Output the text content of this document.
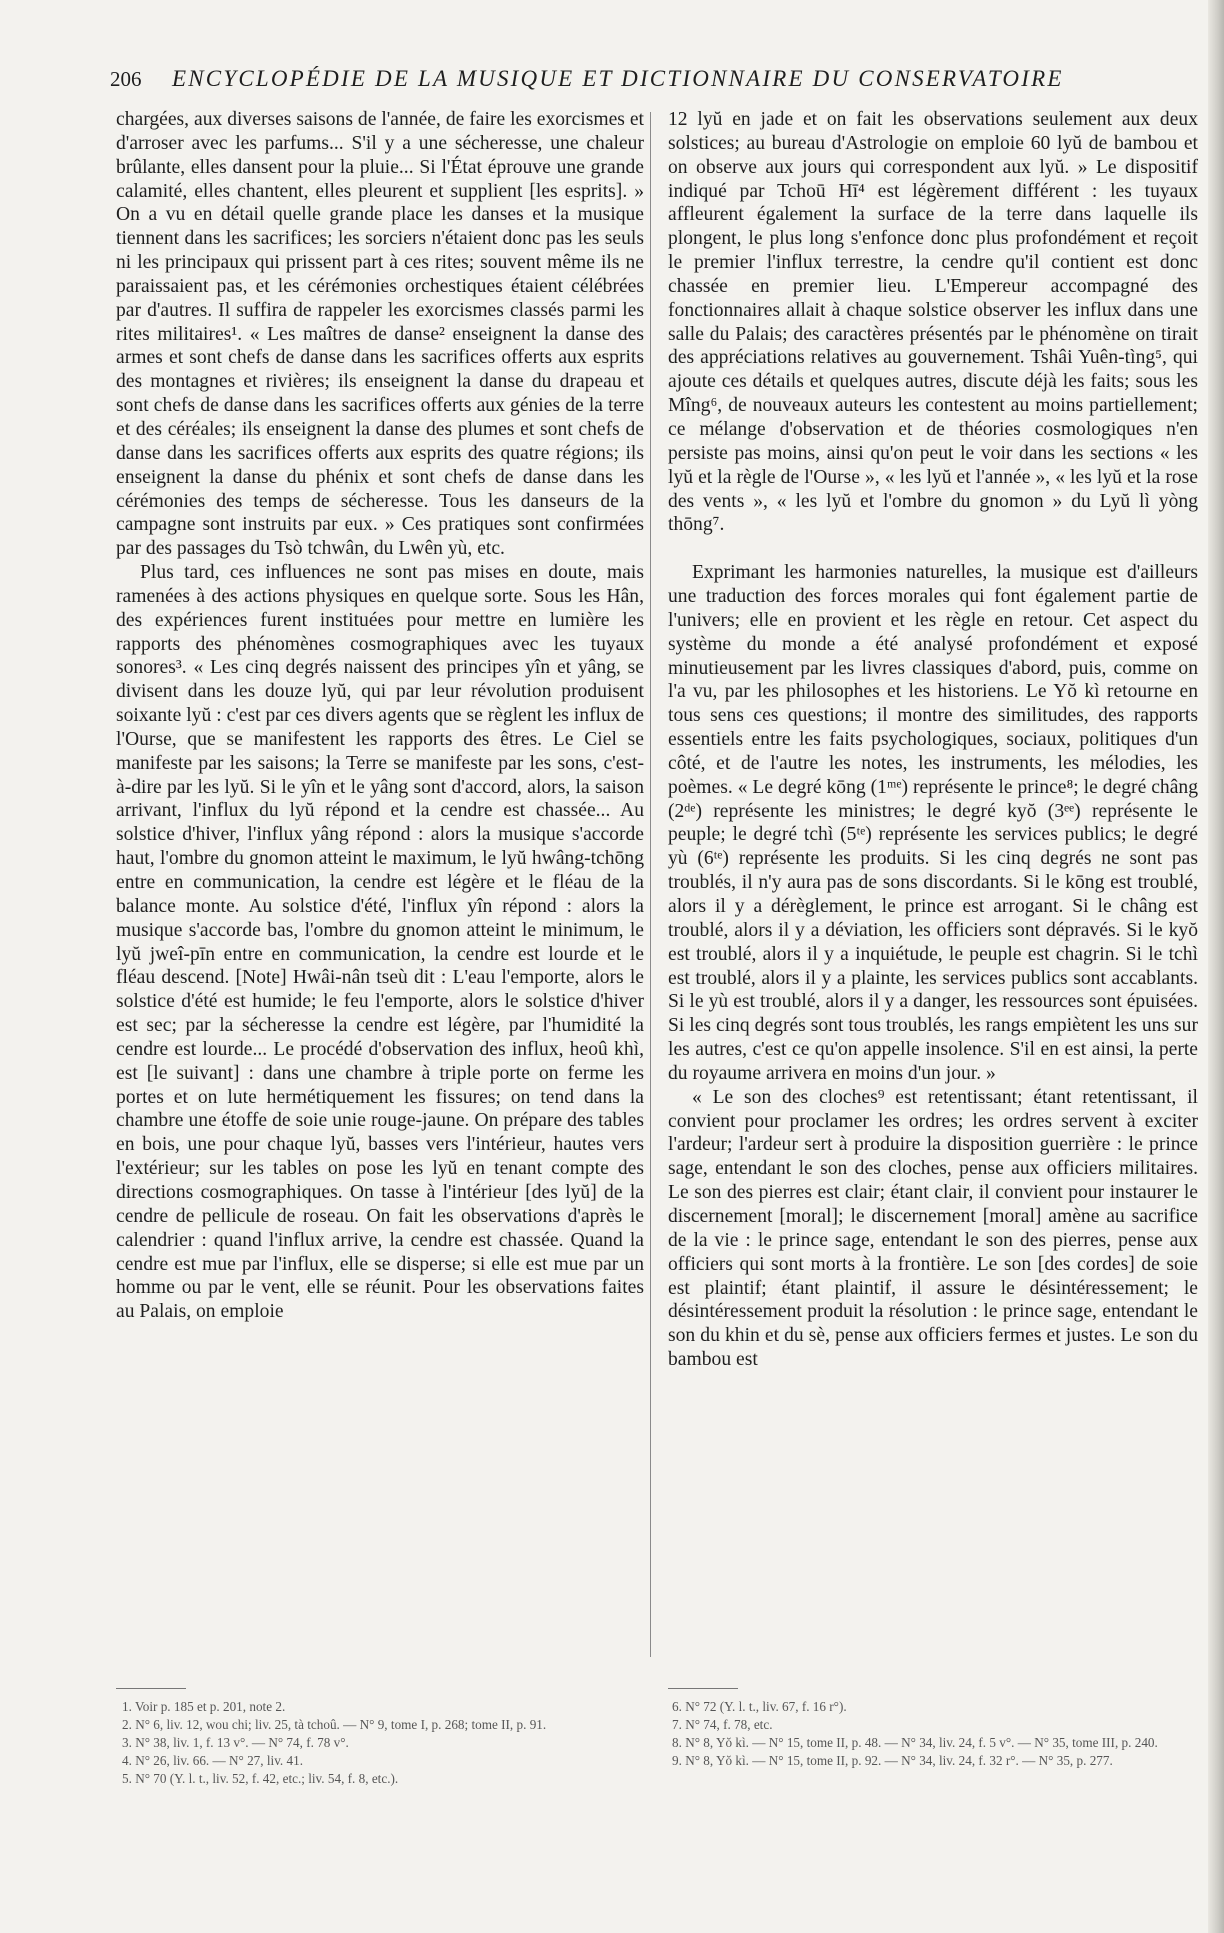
206	ENCYCLOPÉDIE DE LA MUSIQUE ET DICTIONNAIRE DU CONSERVATOIRE

chargées, aux diverses saisons de l'année, de faire les exorcismes et d'arroser avec les parfums... S'il y a une sécheresse, une chaleur brûlante, elles dansent pour la pluie... Si l'État éprouve une grande calamité, elles chantent, elles pleurent et supplient [les esprits]. » On a vu en détail quelle grande place les danses et la musique tiennent dans les sacrifices; les sorciers n'étaient donc pas les seuls ni les principaux qui prissent part à ces rites; souvent même ils ne paraissaient pas, et les cérémonies orchestiques étaient célébrées par d'autres. Il suffira de rappeler les exorcismes classés parmi les rites militaires¹. « Les maîtres de danse² enseignent la danse des armes et sont chefs de danse dans les sacrifices offerts aux esprits des montagnes et rivières; ils enseignent la danse du drapeau et sont chefs de danse dans les sacrifices offerts aux génies de la terre et des céréales; ils enseignent la danse des plumes et sont chefs de danse dans les sacrifices offerts aux esprits des quatre régions; ils enseignent la danse du phénix et sont chefs de danse dans les cérémonies des temps de sécheresse. Tous les danseurs de la campagne sont instruits par eux. » Ces pratiques sont confirmées par des passages du Tsò tchwân, du Lwên yù, etc.

Plus tard, ces influences ne sont pas mises en doute, mais ramenées à des actions physiques en quelque sorte. Sous les Hân, des expériences furent instituées pour mettre en lumière les rapports des phénomènes cosmographiques avec les tuyaux sonores³. « Les cinq degrés naissent des principes yîn et yâng, se divisent dans les douze lyŭ, qui par leur révolution produisent soixante lyŭ : c'est par ces divers agents que se règlent les influx de l'Ourse, que se manifestent les rapports des êtres. Le Ciel se manifeste par les saisons; la Terre se manifeste par les sons, c'est-à-dire par les lyŭ. Si le yîn et le yâng sont d'accord, alors, la saison arrivant, l'influx du lyŭ répond et la cendre est chassée... Au solstice d'hiver, l'influx yâng répond : alors la musique s'accorde haut, l'ombre du gnomon atteint le maximum, le lyŭ hwâng-tchōng entre en communication, la cendre est légère et le fléau de la balance monte. Au solstice d'été, l'influx yîn répond : alors la musique s'accorde bas, l'ombre du gnomon atteint le minimum, le lyŭ jweî-pīn entre en communication, la cendre est lourde et le fléau descend. [Note] Hwâi-nân tseù dit : L'eau l'emporte, alors le solstice d'été est humide; le feu l'emporte, alors le solstice d'hiver est sec; par la sécheresse la cendre est légère, par l'humidité la cendre est lourde... Le procédé d'observation des influx, heoû khì, est [le suivant] : dans une chambre à triple porte on ferme les portes et on lute hermétiquement les fissures; on tend dans la chambre une étoffe de soie unie rouge-jaune. On prépare des tables en bois, une pour chaque lyŭ, basses vers l'intérieur, hautes vers l'extérieur; sur les tables on pose les lyŭ en tenant compte des directions cosmographiques. On tasse à l'intérieur [des lyŭ] de la cendre de pellicule de roseau. On fait les observations d'après le calendrier : quand l'influx arrive, la cendre est chassée. Quand la cendre est mue par l'influx, elle se disperse; si elle est mue par un homme ou par le vent, elle se réunit. Pour les observations faites au Palais, on emploie

12 lyŭ en jade et on fait les observations seulement aux deux solstices; au bureau d'Astrologie on emploie 60 lyŭ de bambou et on observe aux jours qui correspondent aux lyŭ. » Le dispositif indiqué par Tchoū Hī⁴ est légèrement différent : les tuyaux affleurent également la surface de la terre dans laquelle ils plongent, le plus long s'enfonce donc plus profondément et reçoit le premier l'influx terrestre, la cendre qu'il contient est donc chassée en premier lieu. L'Empereur accompagné des fonctionnaires allait à chaque solstice observer les influx dans une salle du Palais; des caractères présentés par le phénomène on tirait des appréciations relatives au gouvernement. Tshâi Yuên-tìng⁵, qui ajoute ces détails et quelques autres, discute déjà les faits; sous les Mîng⁶, de nouveaux auteurs les contestent au moins partiellement; ce mélange d'observation et de théories cosmologiques n'en persiste pas moins, ainsi qu'on peut le voir dans les sections « les lyŭ et la règle de l'Ourse », « les lyŭ et l'année », « les lyŭ et la rose des vents », « les lyŭ et l'ombre du gnomon » du Lyŭ lì yòng thōng⁷.

Exprimant les harmonies naturelles, la musique est d'ailleurs une traduction des forces morales qui font également partie de l'univers; elle en provient et les règle en retour. Cet aspect du système du monde a été analysé profondément et exposé minutieusement par les livres classiques d'abord, puis, comme on l'a vu, par les philosophes et les historiens. Le Yŏ kì retourne en tous sens ces questions; il montre des similitudes, des rapports essentiels entre les faits psychologiques, sociaux, politiques d'un côté, et de l'autre les notes, les instruments, les mélodies, les poèmes. « Le degré kōng (1ᵐᵉ) représente le prince⁸; le degré châng (2ᵈᵉ) représente les ministres; le degré kyŏ (3ᵉᵉ) représente le peuple; le degré tchì (5ᵗᵉ) représente les services publics; le degré yù (6ᵗᵉ) représente les produits. Si les cinq degrés ne sont pas troublés, il n'y aura pas de sons discordants. Si le kōng est troublé, alors il y a dérèglement, le prince est arrogant. Si le châng est troublé, alors il y a déviation, les officiers sont dépravés. Si le kyŏ est troublé, alors il y a inquiétude, le peuple est chagrin. Si le tchì est troublé, alors il y a plainte, les services publics sont accablants. Si le yù est troublé, alors il y a danger, les ressources sont épuisées. Si les cinq degrés sont tous troublés, les rangs empiètent les uns sur les autres, c'est ce qu'on appelle insolence. S'il en est ainsi, la perte du royaume arrivera en moins d'un jour. »

« Le son des cloches⁹ est retentissant; étant retentissant, il convient pour proclamer les ordres; les ordres servent à exciter l'ardeur; l'ardeur sert à produire la disposition guerrière : le prince sage, entendant le son des cloches, pense aux officiers militaires. Le son des pierres est clair; étant clair, il convient pour instaurer le discernement [moral]; le discernement [moral] amène au sacrifice de la vie : le prince sage, entendant le son des pierres, pense aux officiers qui sont morts à la frontière. Le son [des cordes] de soie est plaintif; étant plaintif, il assure le désintéressement; le désintéressement produit la résolution : le prince sage, entendant le son du khin et du sè, pense aux officiers fermes et justes. Le son du bambou est

1. Voir p. 185 et p. 201, note 2.
2. N° 6, liv. 12, wou chi; liv. 25, tà tchoû. — N° 9, tome I, p. 268; tome II, p. 91.
3. N° 38, liv. 1, f. 13 v°. — N° 74, f. 78 v°.
4. N° 26, liv. 66. — N° 27, liv. 41.
5. N° 70 (Y. l. t., liv. 52, f. 42, etc.; liv. 54, f. 8, etc.).
6. N° 72 (Y. l. t., liv. 67, f. 16 r°).
7. N° 74, f. 78, etc.
8. N° 8, Yŏ kì. — N° 15, tome II, p. 48. — N° 34, liv. 24, f. 5 v°. — N° 35, tome III, p. 240.
9. N° 8, Yŏ kì. — N° 15, tome II, p. 92. — N° 34, liv. 24, f. 32 r°. — N° 35, p. 277.
